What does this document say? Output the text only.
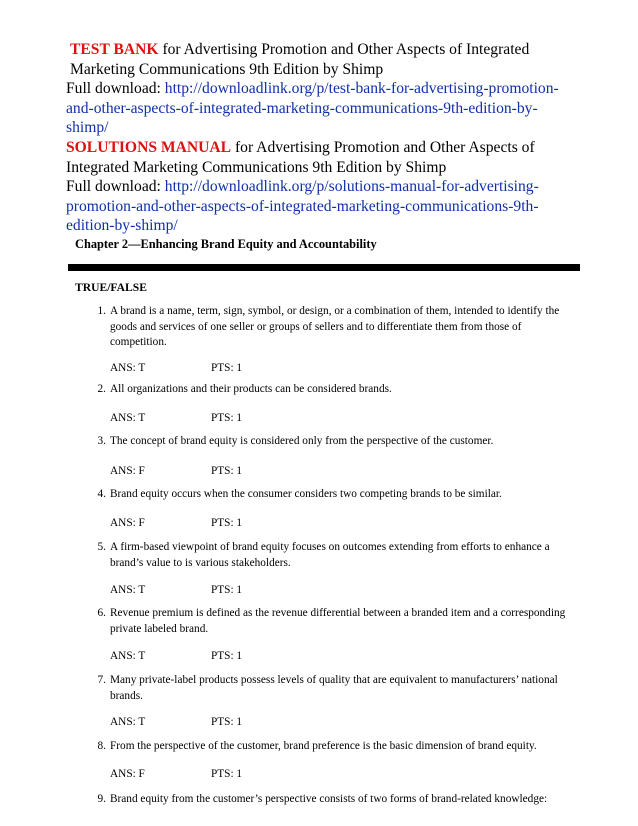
TEST BANK for Advertising Promotion and Other Aspects of Integrated
Marketing Communications 9th Edition by Shimp
Full download: http://downloadlink.org/p/test-bank-for-advertising-promotion-
and-other-aspects-of-integrated-marketing-communications-9th-edition-by-
shimp/
SOLUTIONS MANUAL for Advertising Promotion and Other Aspects of
Integrated Marketing Communications 9th Edition by Shimp
Full download: http://downloadlink.org/p/solutions-manual-for-advertising-
promotion-and-other-aspects-of-integrated-marketing-communications-9th-
edition-by-shimp/
Chapter 2—Enhancing Brand Equity and Accountability
TRUE/FALSE
1. A brand is a name, term, sign, symbol, or design, or a combination of them, intended to identify the
goods and services of one seller or groups of sellers and to differentiate them from those of
competition.
ANS: T	PTS: 1
2. All organizations and their products can be considered brands.
ANS: T	PTS: 1
3. The concept of brand equity is considered only from the perspective of the customer.
ANS: F	PTS: 1
4. Brand equity occurs when the consumer considers two competing brands to be similar.
ANS: F	PTS: 1
5. A firm-based viewpoint of brand equity focuses on outcomes extending from efforts to enhance a
brand’s value to is various stakeholders.
ANS: T	PTS: 1
6. Revenue premium is defined as the revenue differential between a branded item and a corresponding
private labeled brand.
ANS: T	PTS: 1
7. Many private-label products possess levels of quality that are equivalent to manufacturers’ national
brands.
ANS: T	PTS: 1
8. From the perspective of the customer, brand preference is the basic dimension of brand equity.
ANS: F	PTS: 1
9. Brand equity from the customer’s perspective consists of two forms of brand-related knowledge:
